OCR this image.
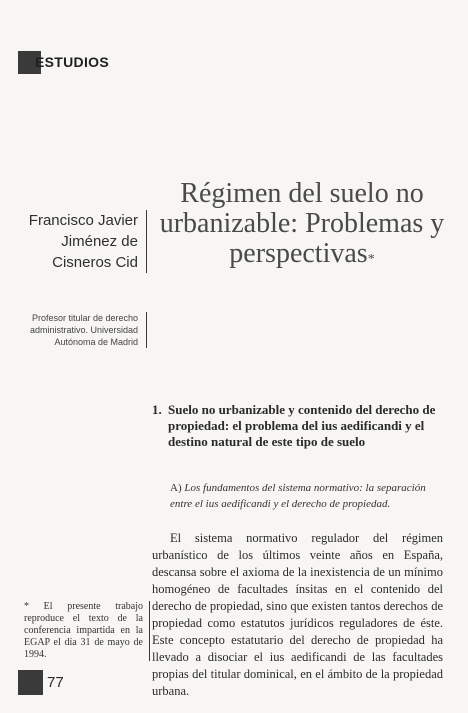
ESTUDIOS
Régimen del suelo no urbanizable: Problemas y perspectivas*
Francisco Javier Jiménez de Cisneros Cid
Profesor titular de derecho administrativo. Universidad Autónoma de Madrid
1. Suelo no urbanizable y contenido del derecho de propiedad: el problema del ius aedificandi y el destino natural de este tipo de suelo
A) Los fundamentos del sistema normativo: la separación entre el ius aedificandi y el derecho de propiedad.

El sistema normativo regulador del régimen urbanístico de los últimos veinte años en España, descansa sobre el axioma de la inexistencia de un mínimo homogéneo de facultades ínsitas en el contenido del derecho de propiedad, sino que existen tantos derechos de propiedad como estatutos jurídicos reguladores de éste. Este concepto estatutario del derecho de propiedad ha llevado a disociar el ius aedificandi de las facultades propias del titular dominical, en el ámbito de la propiedad urbana.

* El presente trabajo reproduce el texto de la conferencia impartida en la EGAP el día 31 de mayo de 1994.
77
